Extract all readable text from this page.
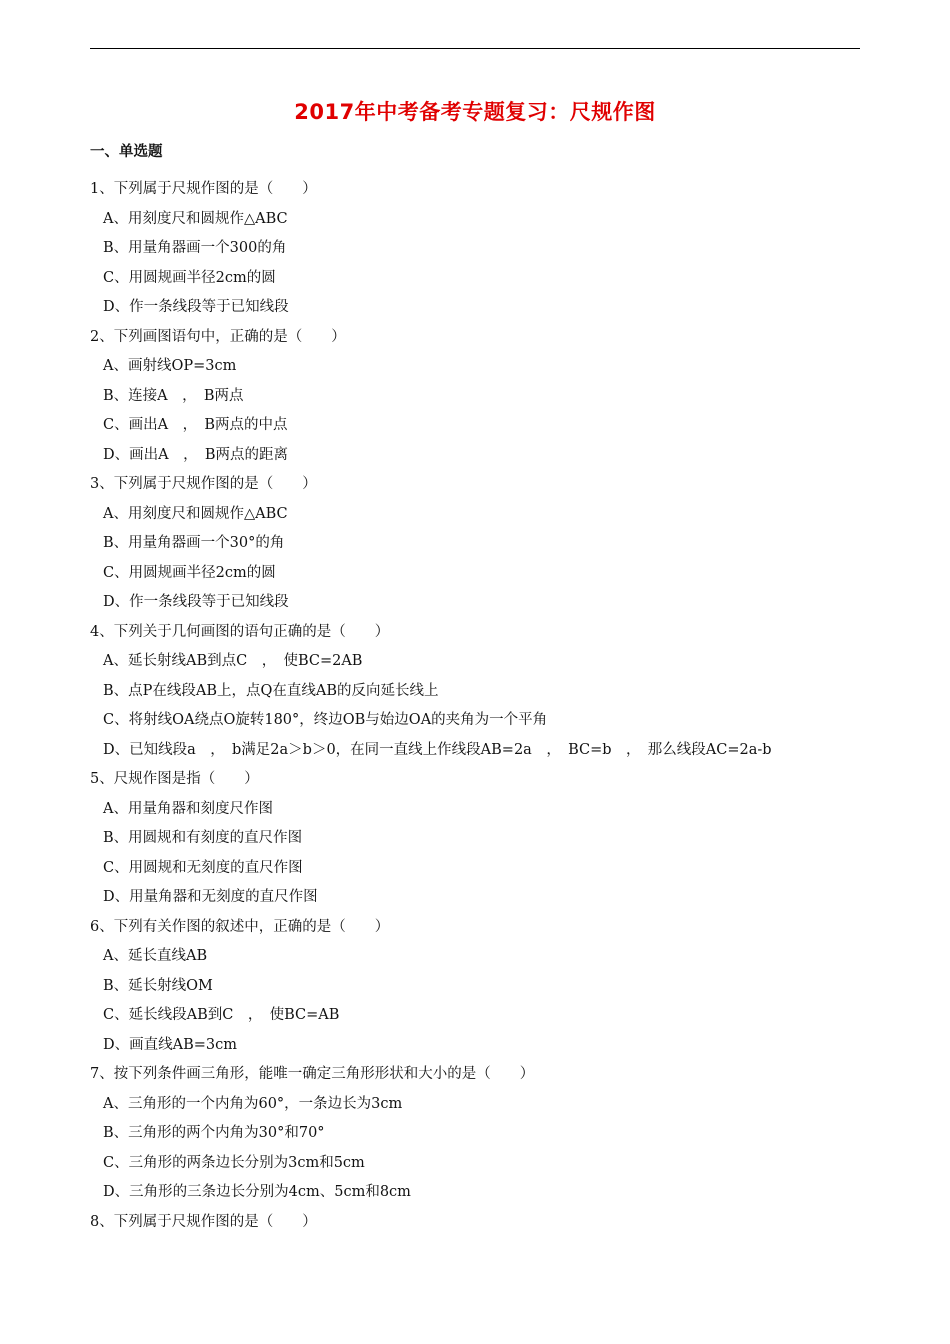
2017年中考备考专题复习：尺规作图
一、单选题
1、下列属于尺规作图的是（　　）
A、用刻度尺和圆规作△ABC
B、用量角器画一个300的角
C、用圆规画半径2cm的圆
D、作一条线段等于已知线段
2、下列画图语句中，正确的是（　　）
A、画射线OP=3cm
B、连接A　，　B两点
C、画出A　，　B两点的中点
D、画出A　，　B两点的距离
3、下列属于尺规作图的是（　　）
A、用刻度尺和圆规作△ABC
B、用量角器画一个30°的角
C、用圆规画半径2cm的圆
D、作一条线段等于已知线段
4、下列关于几何画图的语句正确的是（　　）
A、延长射线AB到点C　，　使BC=2AB
B、点P在线段AB上，点Q在直线AB的反向延长线上
C、将射线OA绕点O旋转180°，终边OB与始边OA的夹角为一个平角
D、已知线段a　，　b满足2a＞b＞0，在同一直线上作线段AB=2a　，　BC=b　，　那么线段AC=2a-b
5、尺规作图是指（　　）
A、用量角器和刻度尺作图
B、用圆规和有刻度的直尺作图
C、用圆规和无刻度的直尺作图
D、用量角器和无刻度的直尺作图
6、下列有关作图的叙述中，正确的是（　　）
A、延长直线AB
B、延长射线OM
C、延长线段AB到C　，　使BC=AB
D、画直线AB=3cm
7、按下列条件画三角形，能唯一确定三角形形状和大小的是（　　）
A、三角形的一个内角为60°，一条边长为3cm
B、三角形的两个内角为30°和70°
C、三角形的两条边长分别为3cm和5cm
D、三角形的三条边长分别为4cm、5cm和8cm
8、下列属于尺规作图的是（　　）
